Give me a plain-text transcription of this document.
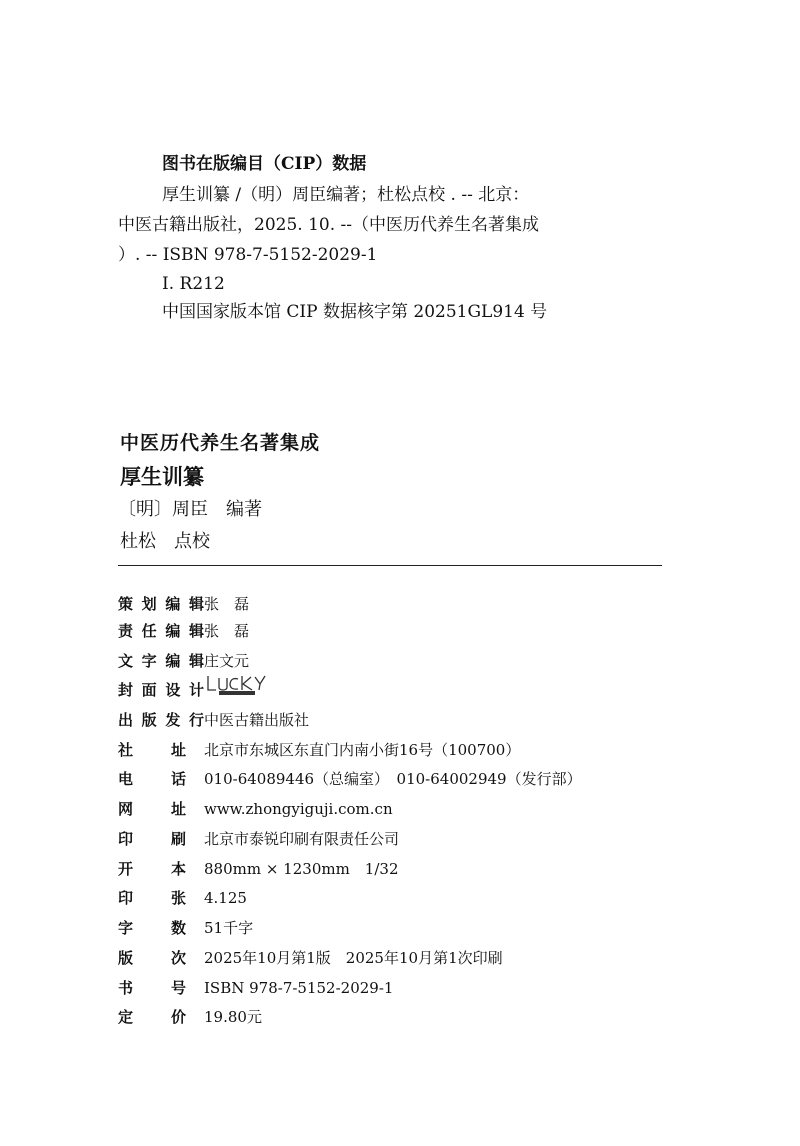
图书在版编目（CIP）数据
厚生训纂 /（明）周臣编著；杜松点校 . -- 北京：
中医古籍出版社，2025. 10. --（中医历代养生名著集成
）. -- ISBN 978-7-5152-2029-1
Ⅰ. R212
中国国家版本馆 CIP 数据核字第 20251GL914 号
中医历代养生名著集成
厚生训纂
〔明〕周臣　编著
杜松　点校
策划编辑张　磊
责任编辑张　磊
文字编辑庄文元
封面设计
出版发行中医古籍出版社
社址 北京市东城区东直门内南小街16号（100700）
电话 010-64089446（总编室）　010-64002949（发行部）
网址 www.zhongyiguji.com.cn
印刷 北京市泰锐印刷有限责任公司
开本 880mm × 1230mm　1/32
印张 4.125
字数 51千字
版次 2025年10月第1版　2025年10月第1次印刷
书号 ISBN 978-7-5152-2029-1
定价 19.80元
